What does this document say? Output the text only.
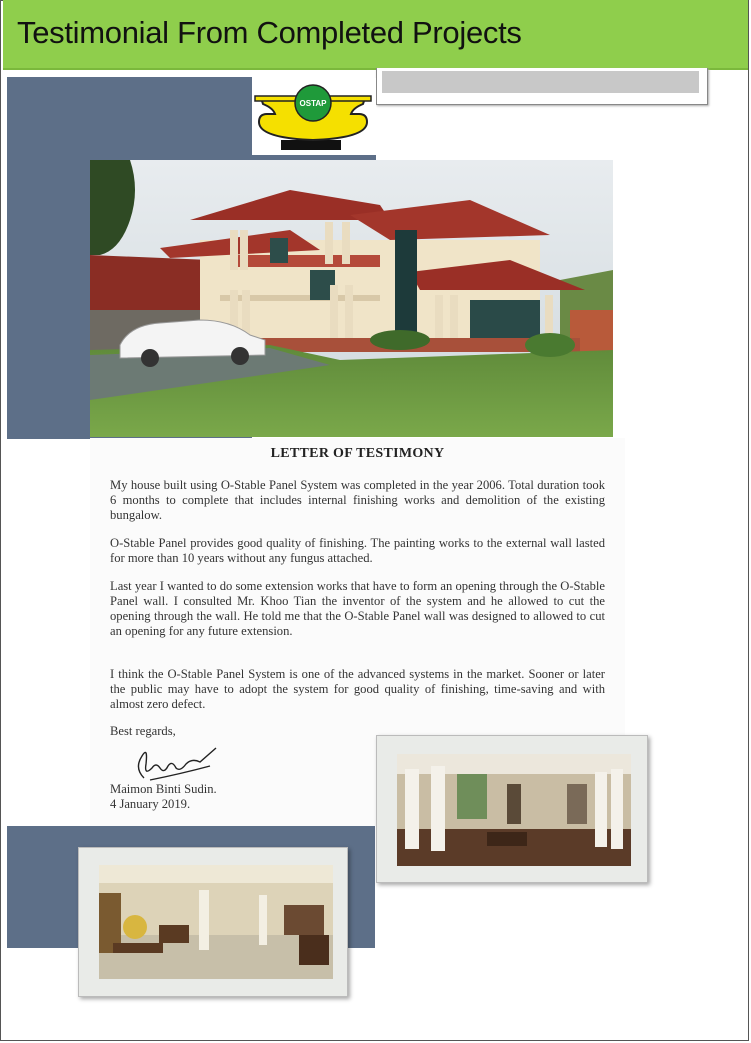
Testimonial From Completed Projects
OSTAP
LETTER OF TESTIMONY

My house built using O-Stable Panel System was completed in the year 2006. Total duration took 6 months to complete that includes internal finishing works and demolition of the existing bungalow.

O-Stable Panel provides good quality of finishing. The painting works to the external wall lasted for more than 10 years without any fungus attached.

Last year I wanted to do some extension works that have to form an opening through the O-Stable Panel wall. I consulted Mr. Khoo Tian the inventor of the system and he allowed to cut the opening through the wall. He told me that the O-Stable Panel wall was designed to allowed to cut an opening for any future extension.

I think the O-Stable Panel System is one of the advanced systems in the market. Sooner or later the public may have to adopt the system for good quality of finishing, time-saving and with almost zero defect.

Best regards,
Maimon Binti Sudin.
4 January 2019.
